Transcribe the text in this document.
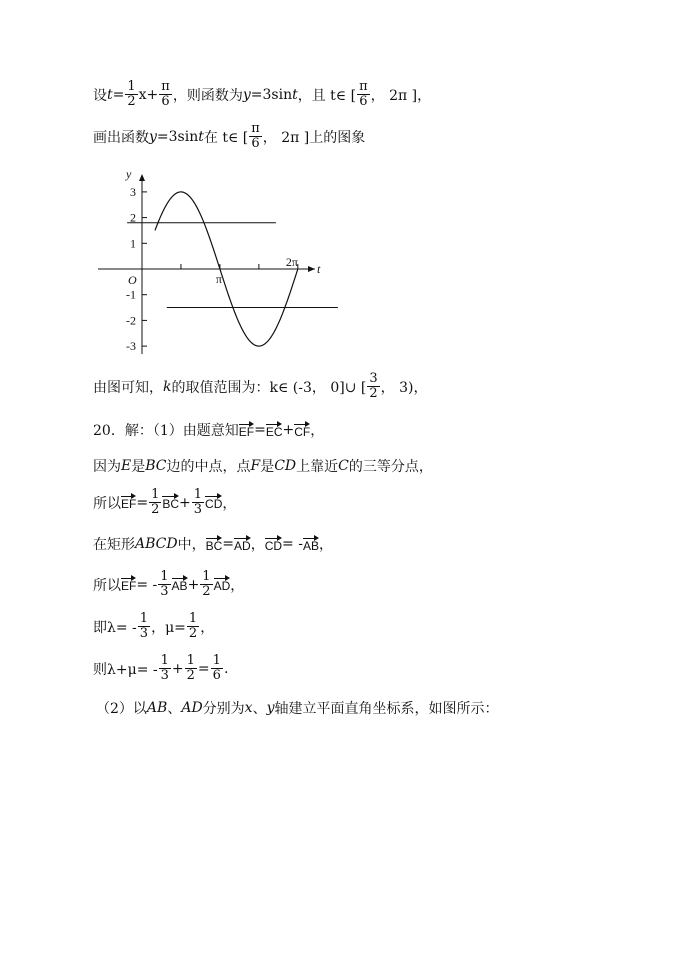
设 $t = \frac{1}{2} x+ \frac{\pi}{6}$ ，则函数为 y =3sin t ，且 t∈ [ $\frac{\pi}{6}$ ， 2π ]，
画出函数 y =3sin t 在 t∈ [ $\frac{\pi}{6}$ ， 2π ]上的图象
y
t
O	π
2π
3
2
1
-1
-2
-3
由图可知， k 的取值范围为：k∈ (-3， 0]∪ [ $\frac{3}{2}$ ， 3)，
20．解：（1）由题意知 EF = EC + CF ，
因为 E 是 BC 边的中点，点 F 是 CD 上靠近 C 的三等分点，
所以 EF = $\frac{1}{2}$ BC + $\frac{1}{3}$ CD ，
在矩形 ABCD 中， BC = AD ， CD = - AB ，
所以 EF = - $\frac{1}{3}$ AB + $\frac{1}{2}$ AD ，
即$\lambda= - \frac{1}{3}$ ，$\mu= \frac{1}{2}$ ，
则$\lambda+\mu= - \frac{1}{3} + \frac{1}{2} = \frac{1}{6}$ .
（2）以 AB 、 AD 分别为 x 、 y 轴建立平面直角坐标系，如图所示：
